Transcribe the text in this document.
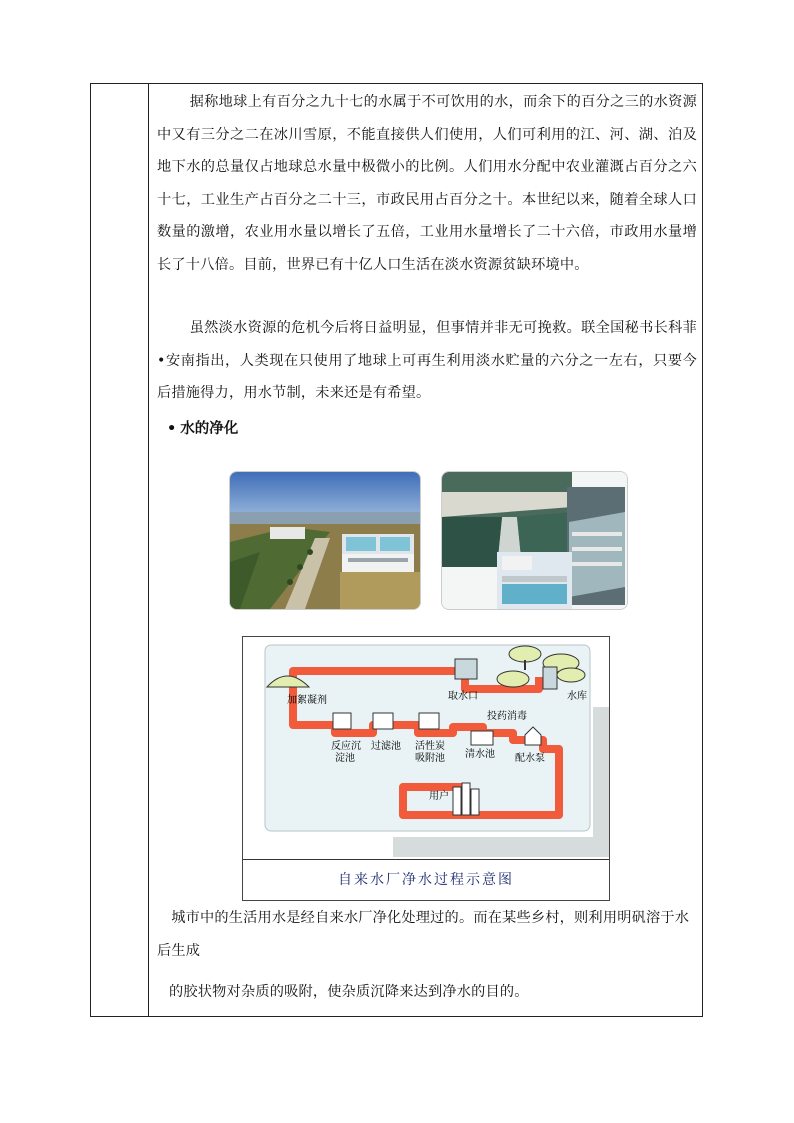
据称地球上有百分之九十七的水属于不可饮用的水，而余下的百分之三的水资源中又有三分之二在冰川雪原，不能直接供人们使用，人们可利用的江、河、湖、泊及地下水的总量仅占地球总水量中极微小的比例。人们用水分配中农业灌溉占百分之六十七，工业生产占百分之二十三，市政民用占百分之十。本世纪以来，随着全球人口数量的激增，农业用水量以增长了五倍，工业用水量增长了二十六倍，市政用水量增长了十八倍。目前，世界已有十亿人口生活在淡水资源贫缺环境中。

虽然淡水资源的危机今后将日益明显，但事情并非无可挽救。联全国秘书长科菲•安南指出，人类现在只使用了地球上可再生利用淡水贮量的六分之一左右，只要今后措施得力，用水节制，未来还是有希望。

• 水的净化

加絮凝剂	取水口	水库
投药消毒
反应沉
淀池
过滤池 活性炭
吸附池 清水池 配水泵
用户
自来水厂净水过程示意图

城市中的生活用水是经自来水厂净化处理过的。而在某些乡村，则利用明矾溶于水后生成

的胶状物对杂质的吸附，使杂质沉降来达到净水的目的。
